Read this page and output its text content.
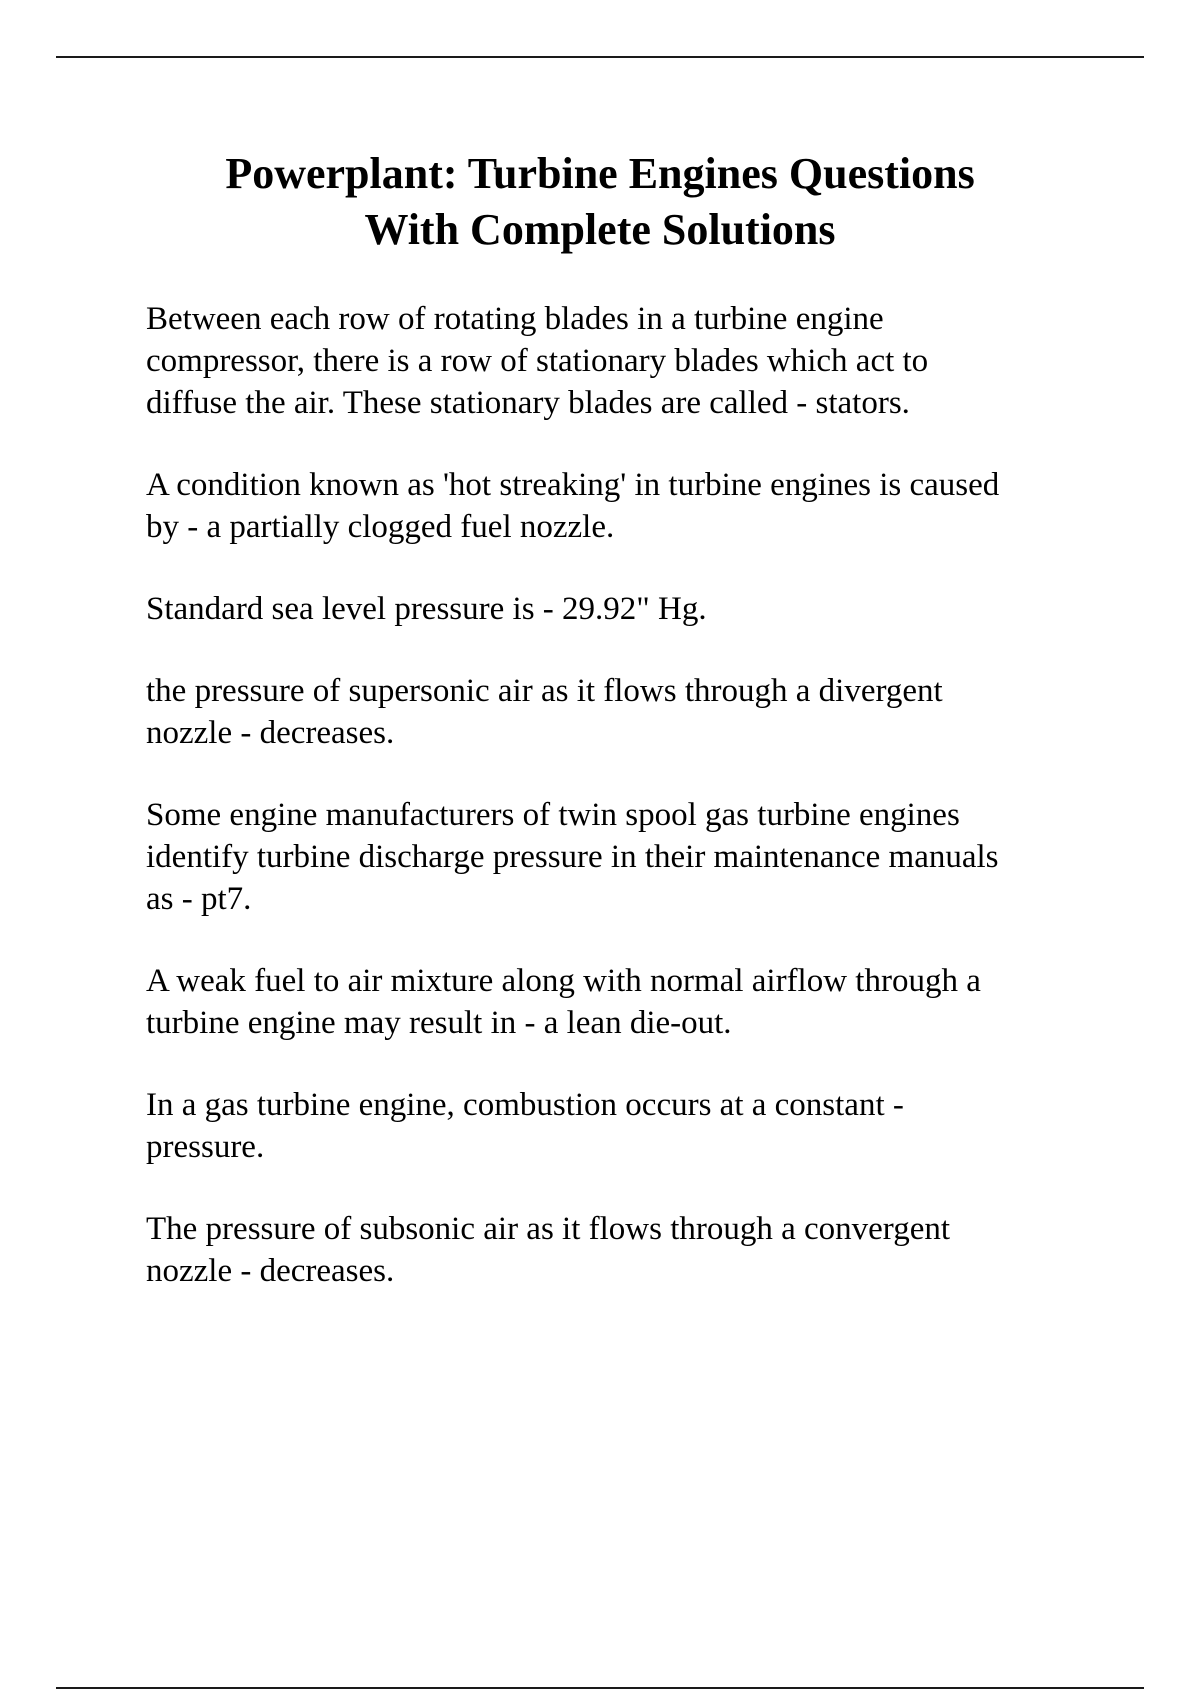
Powerplant: Turbine Engines Questions
With Complete Solutions

Between each row of rotating blades in a turbine engine
compressor, there is a row of stationary blades which act to
diffuse the air. These stationary blades are called - stators.

A condition known as 'hot streaking' in turbine engines is caused
by - a partially clogged fuel nozzle.

Standard sea level pressure is - 29.92" Hg.

the pressure of supersonic air as it flows through a divergent
nozzle - decreases.

Some engine manufacturers of twin spool gas turbine engines
identify turbine discharge pressure in their maintenance manuals
as - pt7.

A weak fuel to air mixture along with normal airflow through a
turbine engine may result in - a lean die-out.

In a gas turbine engine, combustion occurs at a constant -
pressure.

The pressure of subsonic air as it flows through a convergent
nozzle - decreases.
